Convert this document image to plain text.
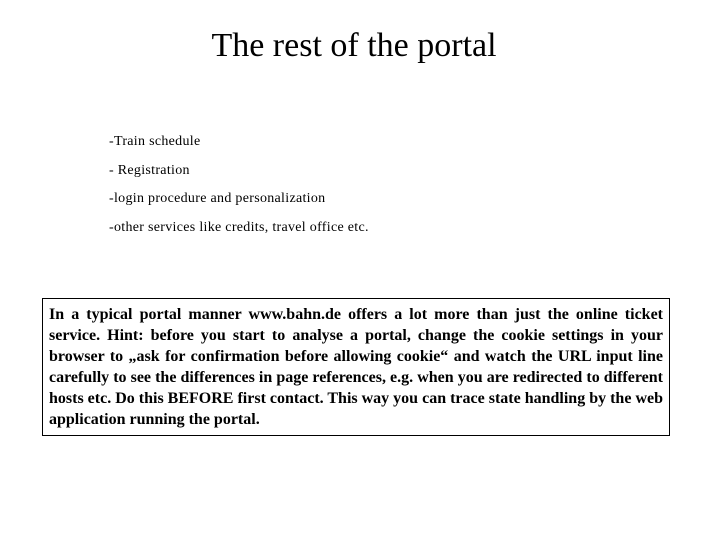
The rest of the portal
-Train schedule
- Registration
-login procedure and personalization
-other services like credits, travel office etc.
In a typical portal manner www.bahn.de offers a lot more than just the online ticket service. Hint: before you start to analyse a portal, change the cookie settings in your browser to „ask for confirmation before allowing cookie“ and watch the URL input line carefully to see the differences in page references, e.g. when you are redirected to different hosts etc. Do this BEFORE first contact. This way you can trace state handling by the web application running the portal.
